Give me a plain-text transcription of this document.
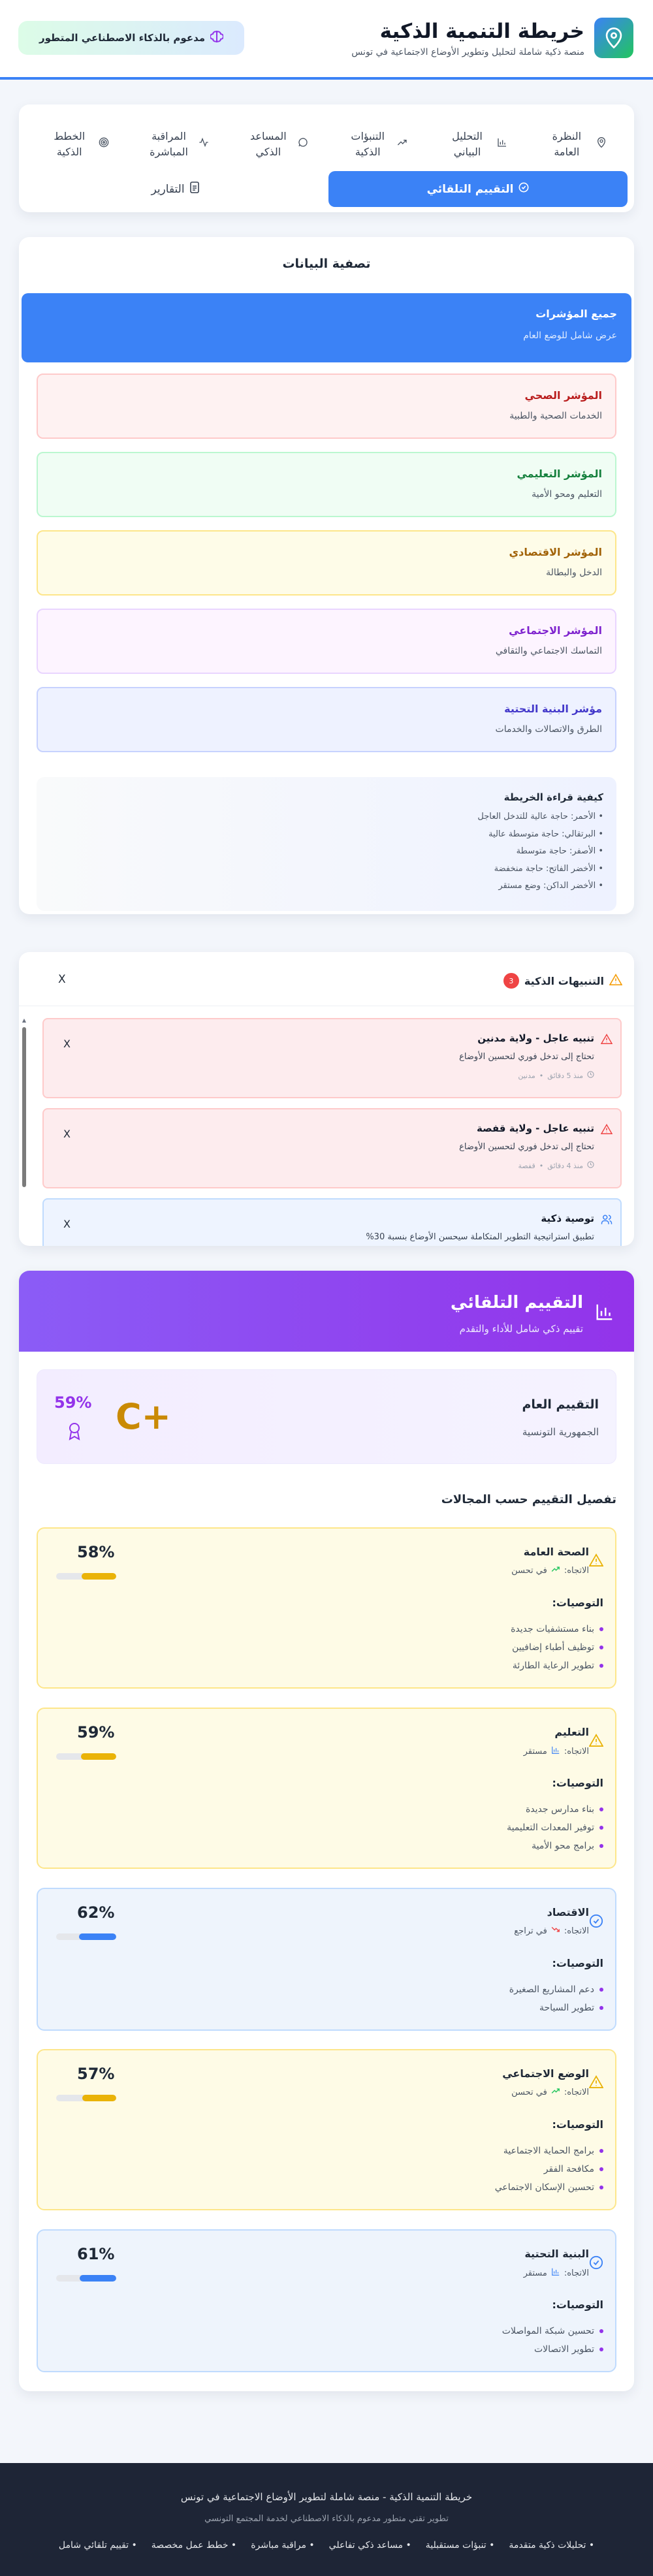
خريطة التنمية الذكية
منصة ذكية شاملة لتحليل وتطوير الأوضاع الاجتماعية في تونس
مدعوم بالذكاء الاصطناعي المتطور
النظرة العامة
التحليل البياني
التنبؤات الذكية
المساعد الذكي
المراقبة المباشرة
الخطط الذكية
التقييم التلقائي
التقارير
تصفية البيانات
جميع المؤشرات
عرض شامل للوضع العام
المؤشر الصحي
الخدمات الصحية والطبية
المؤشر التعليمي
التعليم ومحو الأمية
المؤشر الاقتصادي
الدخل والبطالة
المؤشر الاجتماعي
التماسك الاجتماعي والثقافي
مؤشر البنية التحتية
الطرق والاتصالات والخدمات
كيفية قراءة الخريطة
• الأحمر: حاجة عالية للتدخل العاجل
• البرتقالي: حاجة متوسطة عالية
• الأصفر: حاجة متوسطة
• الأخضر الفاتح: حاجة منخفضة
• الأخضر الداكن: وضع مستقر
التنبيهات الذكية
3
X
▲
تنبيه عاجل - ولاية مدنين
تحتاج إلى تدخل فوري لتحسين الأوضاع
منذ 5 دقائق
•
مدنين
X
تنبيه عاجل - ولاية قفصة
تحتاج إلى تدخل فوري لتحسين الأوضاع
منذ 4 دقائق
•
قفصة
X
توصية ذكية
تطبيق استراتيجية التطوير المتكاملة سيحسن الأوضاع بنسبة 30%
X
التقييم التلقائي
تقييم ذكي شامل للأداء والتقدم
التقييم العام
الجمهورية التونسية
C+
59%
تفصيل التقييم حسب المجالات
الصحة العامة
الاتجاه:
في تحسن
58%
التوصيات:
بناء مستشفيات جديدة
توظيف أطباء إضافيين
تطوير الرعاية الطارئة
التعليم
الاتجاه:
مستقر
59%
التوصيات:
بناء مدارس جديدة
توفير المعدات التعليمية
برامج محو الأمية
الاقتصاد
الاتجاه:
في تراجع
62%
التوصيات:
دعم المشاريع الصغيرة
تطوير السياحة
الوضع الاجتماعي
الاتجاه:
في تحسن
57%
التوصيات:
برامج الحماية الاجتماعية
مكافحة الفقر
تحسين الإسكان الاجتماعي
البنية التحتية
الاتجاه:
مستقر
61%
التوصيات:
تحسين شبكة المواصلات
تطوير الاتصالات
خريطة التنمية الذكية - منصة شاملة لتطوير الأوضاع الاجتماعية في تونس
تطوير تقني متطور مدعوم بالذكاء الاصطناعي لخدمة المجتمع التونسي
• تحليلات ذكية متقدمة
• تنبؤات مستقبلية
• مساعد ذكي تفاعلي
• مراقبة مباشرة
• خطط عمل مخصصة
• تقييم تلقائي شامل
